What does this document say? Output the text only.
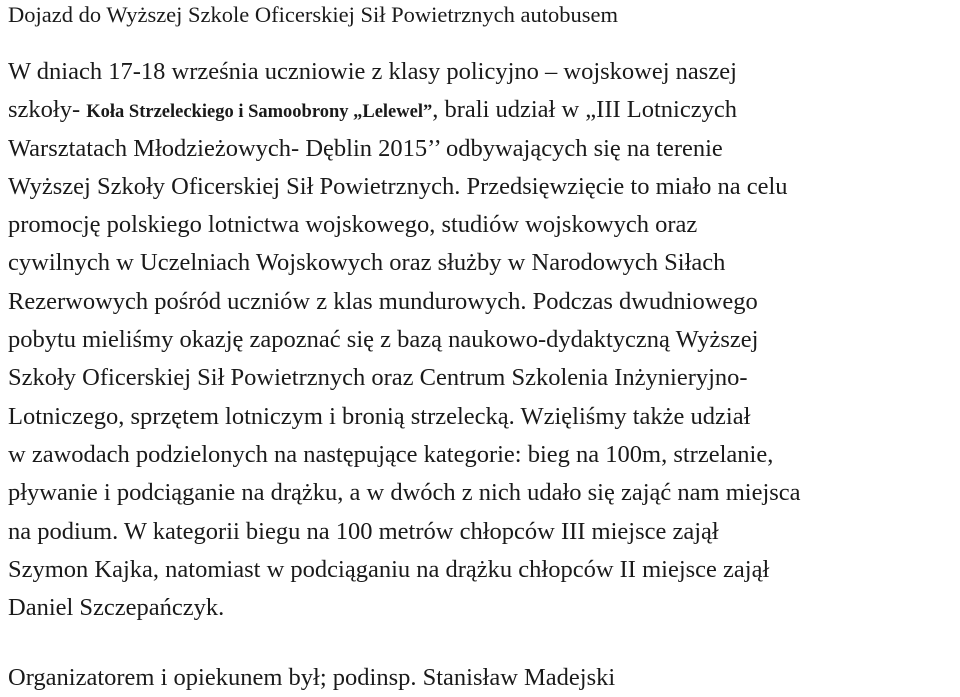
Dojazd do Wyższej Szkole Oficerskiej Sił Powietrznych autobusem
W dniach 17-18 września uczniowie z klasy policyjno – wojskowej naszej
szkoły- Koła Strzeleckiego i Samoobrony „Lelewel”, brali udział w „III Lotniczych
Warsztatach Młodzieżowych- Dęblin 2015’’ odbywających się na terenie
Wyższej Szkoły Oficerskiej Sił Powietrznych. Przedsięwzięcie to miało na celu
promocję polskiego lotnictwa wojskowego, studiów wojskowych oraz
cywilnych w Uczelniach Wojskowych oraz służby w Narodowych Siłach
Rezerwowych pośród uczniów z klas mundurowych. Podczas dwudniowego
pobytu mieliśmy okazję zapoznać się z bazą naukowo-dydaktyczną Wyższej
Szkoły Oficerskiej Sił Powietrznych oraz Centrum Szkolenia Inżynieryjno-
Lotniczego, sprzętem lotniczym i bronią strzelecką. Wzięliśmy także udział
w zawodach podzielonych na następujące kategorie: bieg na 100m, strzelanie,
pływanie i podciąganie na drążku, a w dwóch z nich udało się zająć nam miejsca
na podium. W kategorii biegu na 100 metrów chłopców III miejsce zajął
Szymon Kajka, natomiast w podciąganiu na drążku chłopców II miejsce zajął
Daniel Szczepańczyk.
Organizatorem i opiekunem był; podinsp. Stanisław Madejski
